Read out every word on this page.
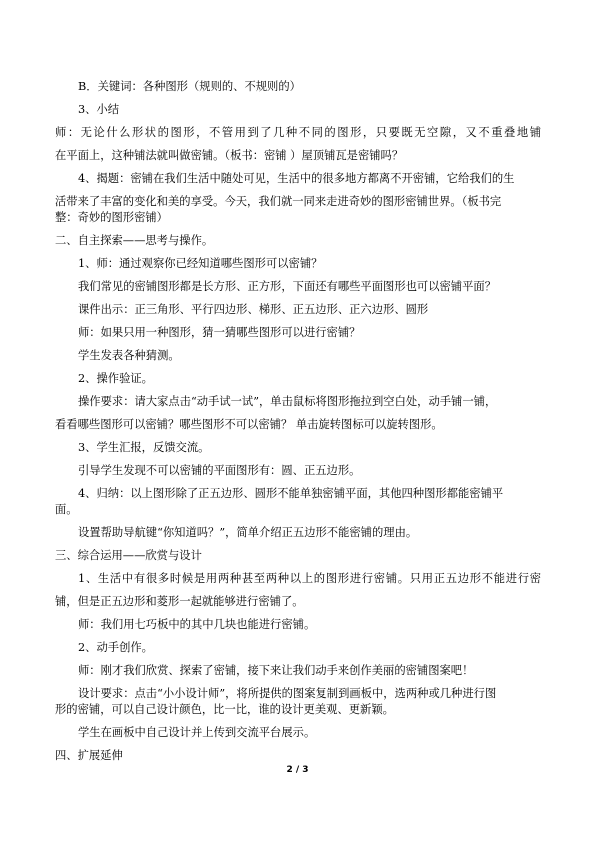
B．关键词：各种图形（规则的、不规则的）
3、小结
师：无论什么形状的图形，不管用到了几种不同的图形，只要既无空隙，又不重叠地铺
在平面上，这种铺法就叫做密铺。（板书：密铺 ）屋顶铺瓦是密铺吗？
4、揭题：密铺在我们生活中随处可见，生活中的很多地方都离不开密铺，它给我们的生
活带来了丰富的变化和美的享受。今天，我们就一同来走进奇妙的图形密铺世界。（板书完
整：奇妙的图形密铺）
二、自主探索——思考与操作。
1、师：通过观察你已经知道哪些图形可以密铺？
我们常见的密铺图形都是长方形、正方形，下面还有哪些平面图形也可以密铺平面？
课件出示：正三角形、平行四边形、梯形、正五边形、正六边形、圆形
师：如果只用一种图形，猜一猜哪些图形可以进行密铺？
学生发表各种猜测。
2、操作验证。
操作要求：请大家点击“动手试一试”，单击鼠标将图形拖拉到空白处，动手铺一铺，
看看哪些图形可以密铺？哪些图形不可以密铺？ 单击旋转图标可以旋转图形。
3、学生汇报，反馈交流。
引导学生发现不可以密铺的平面图形有：圆、正五边形。
4、归纳：以上图形除了正五边形、圆形不能单独密铺平面，其他四种图形都能密铺平
面。
设置帮助导航键“你知道吗？”，简单介绍正五边形不能密铺的理由。
三、综合运用——欣赏与设计
1、生活中有很多时候是用两种甚至两种以上的图形进行密铺。只用正五边形不能进行密
铺，但是正五边形和菱形一起就能够进行密铺了。
师：我们用七巧板中的其中几块也能进行密铺。
2、动手创作。
师：刚才我们欣赏、探索了密铺，接下来让我们动手来创作美丽的密铺图案吧！
设计要求：点击“小小设计师”，将所提供的图案复制到画板中，选两种或几种进行图
形的密铺，可以自己设计颜色，比一比，谁的设计更美观、更新颖。
学生在画板中自己设计并上传到交流平台展示。
四、扩展延伸
2 / 3
